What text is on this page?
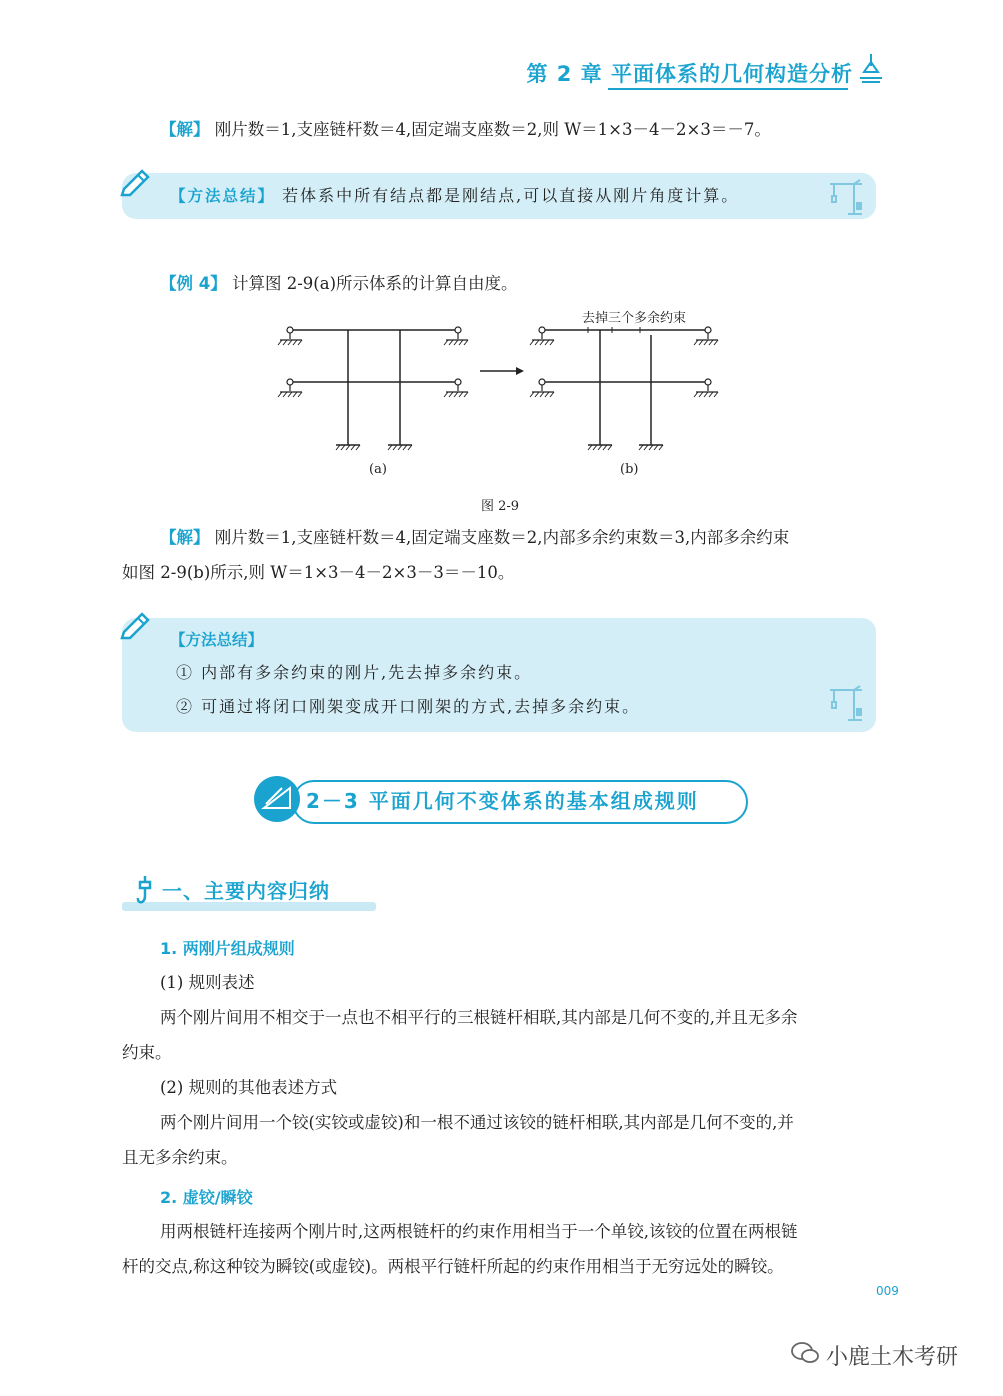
第 2 章 平面体系的几何构造分析
【解】 刚片数＝1,支座链杆数＝4,固定端支座数＝2,则 W＝1×3－4－2×3＝－7。
【方法总结】 若体系中所有结点都是刚结点,可以直接从刚片角度计算。
【例 4】 计算图 2-9(a)所示体系的计算自由度。
去掉三个多余约束
(a)	(b)
图 2-9
【解】 刚片数＝1,支座链杆数＝4,固定端支座数＝2,内部多余约束数＝3,内部多余约束
如图 2-9(b)所示,则 W＝1×3－4－2×3－3＝－10。
【方法总结】
① 内部有多余约束的刚片,先去掉多余约束。
② 可通过将闭口刚架变成开口刚架的方式,去掉多余约束。
2－3 平面几何不变体系的基本组成规则
一、主要内容归纳
1. 两刚片组成规则
(1) 规则表述
两个刚片间用不相交于一点也不相平行的三根链杆相联,其内部是几何不变的,并且无多余
约束。
(2) 规则的其他表述方式
两个刚片间用一个铰(实铰或虚铰)和一根不通过该铰的链杆相联,其内部是几何不变的,并
且无多余约束。
2. 虚铰/瞬铰
用两根链杆连接两个刚片时,这两根链杆的约束作用相当于一个单铰,该铰的位置在两根链
杆的交点,称这种铰为瞬铰(或虚铰)。两根平行链杆所起的约束作用相当于无穷远处的瞬铰。
009
小鹿土木考研
